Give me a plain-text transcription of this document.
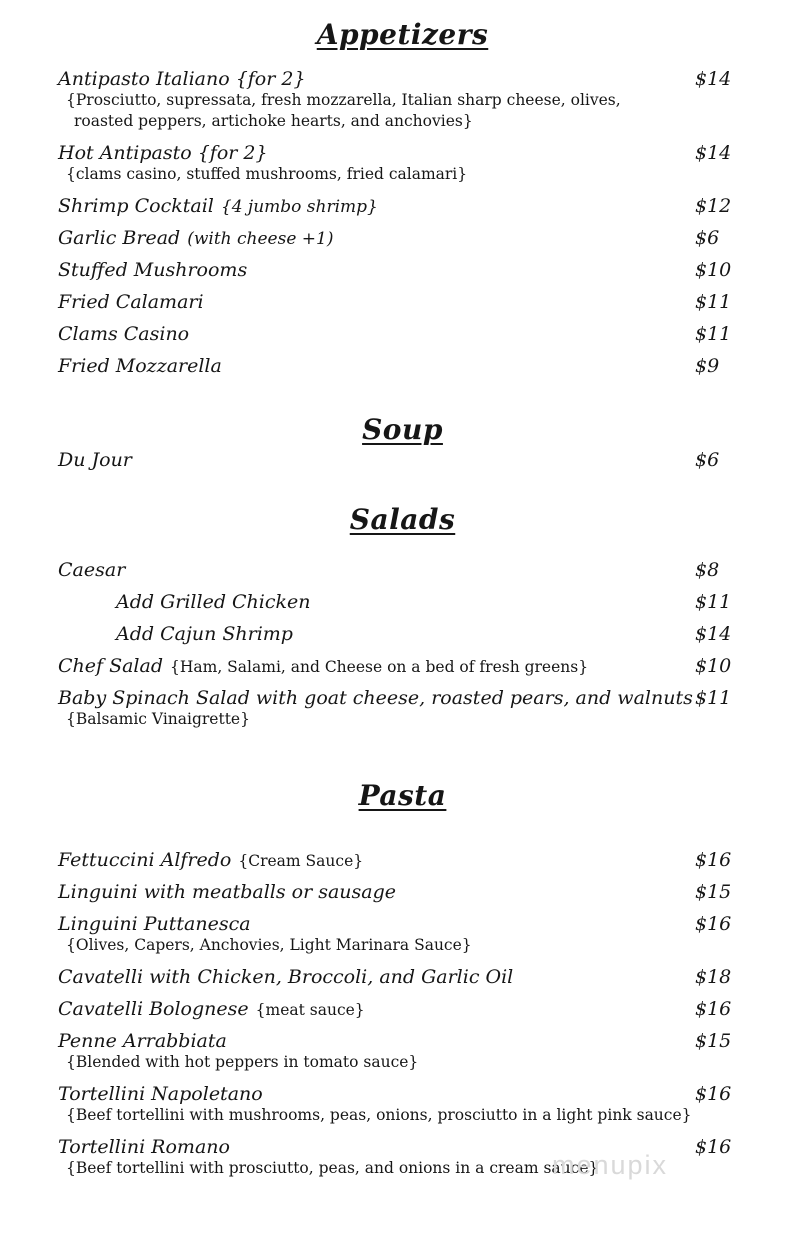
Appetizers
Antipasto Italiano {for 2}	$14
{Prosciutto, supressata, fresh mozzarella, Italian sharp cheese, olives,
roasted peppers, artichoke hearts, and anchovies}
Hot Antipasto {for 2}	$14
{clams casino, stuffed mushrooms, fried calamari}
Shrimp Cocktail {4 jumbo shrimp}	$12
Garlic Bread (with cheese +1)	$6
Stuffed Mushrooms	$10
Fried Calamari	$11
Clams Casino	$11
Fried Mozzarella	$9
Soup
Du Jour	$6
Salads
Caesar	$8
Add Grilled Chicken	$11
Add Cajun Shrimp	$14
Chef Salad {Ham, Salami, and Cheese on a bed of fresh greens}	$10
Baby Spinach Salad with goat cheese, roasted pears, and walnuts $11
{Balsamic Vinaigrette}
Pasta
Fettuccini Alfredo {Cream Sauce}	$16
Linguini with meatballs or sausage	$15
Linguini Puttanesca	$16
{Olives, Capers, Anchovies, Light Marinara Sauce}
Cavatelli with Chicken, Broccoli, and Garlic Oil	$18
Cavatelli Bolognese {meat sauce}	$16
Penne Arrabbiata	$15
{Blended with hot peppers in tomato sauce}
Tortellini Napoletano	$16
{Beef tortellini with mushrooms, peas, onions, prosciutto in a light pink sauce}
Tortellini Romano	$16
{Beef tortellini with prosciutto, peas, and onions in a cream sauce}
menupix
